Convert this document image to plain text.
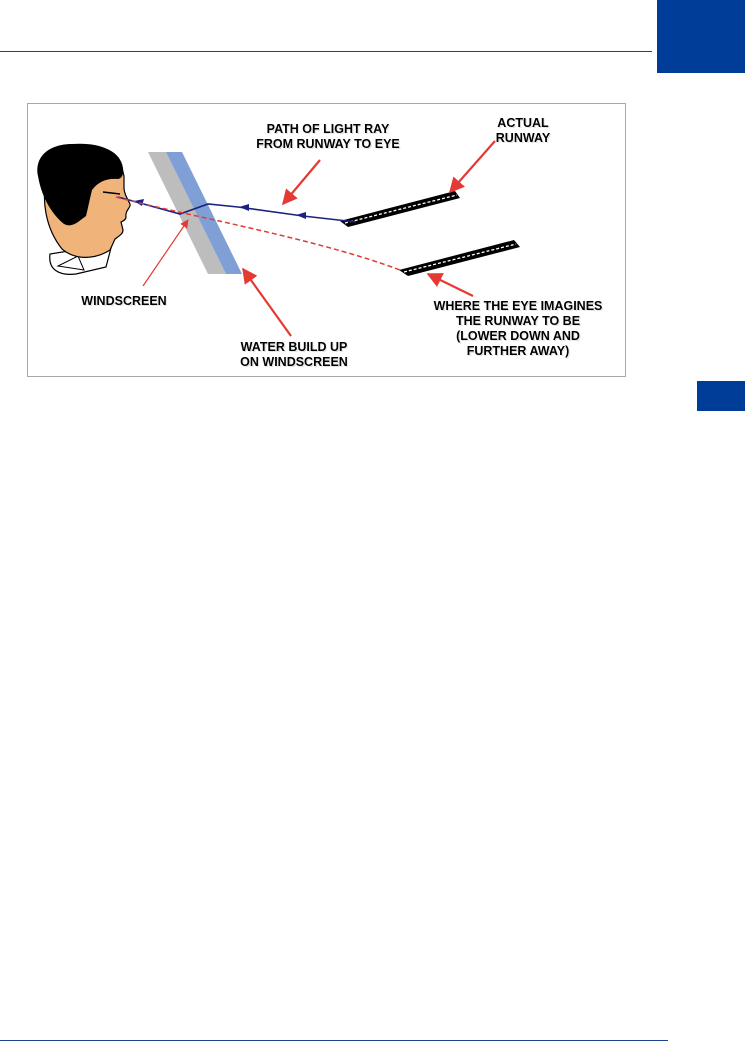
PATH OF LIGHT RAY
FROM RUNWAY TO EYE
ACTUAL
RUNWAY
WINDSCREEN
WATER BUILD UP
ON WINDSCREEN
WHERE THE EYE IMAGINES
THE RUNWAY TO BE
(LOWER DOWN AND
FURTHER AWAY)
